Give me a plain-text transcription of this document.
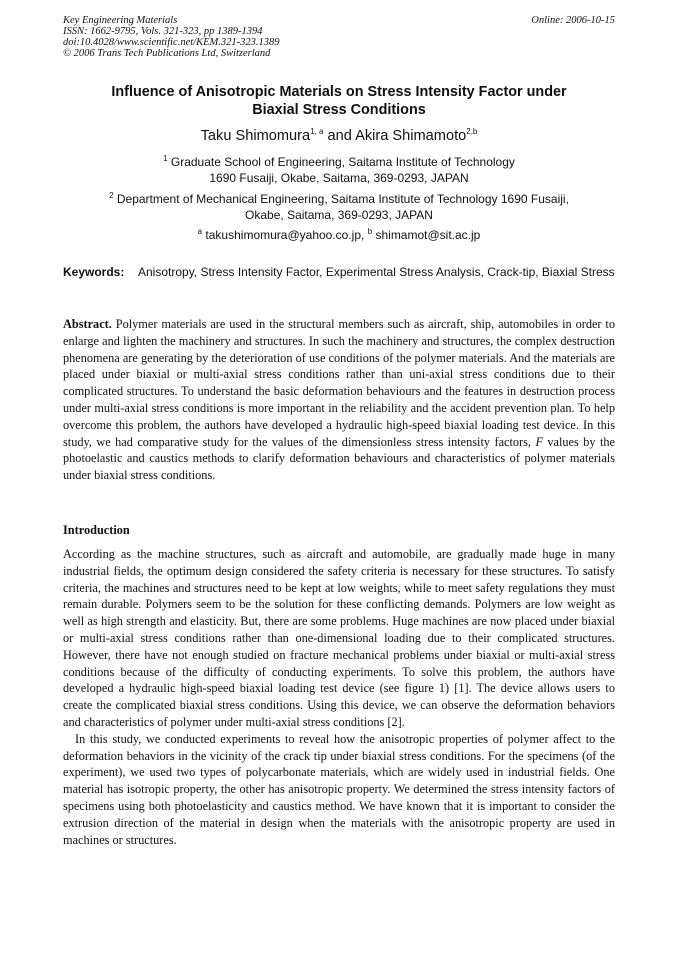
Key Engineering Materials
ISSN: 1662-9795, Vols. 321-323, pp 1389-1394
doi:10.4028/www.scientific.net/KEM.321-323.1389
© 2006 Trans Tech Publications Ltd, Switzerland
Online: 2006-10-15
Influence of Anisotropic Materials on Stress Intensity Factor under
Biaxial Stress Conditions
Taku Shimomura$^{1, a}$ and Akira Shimamoto$^{2,b}$
$^1$ Graduate School of Engineering, Saitama Institute of Technology
1690 Fusaiji, Okabe, Saitama, 369-0293, JAPAN
$^2$ Department of Mechanical Engineering, Saitama Institute of Technology 1690 Fusaiji,
Okabe, Saitama, 369-0293, JAPAN
$^a$ takushimomura@yahoo.co.jp, $^b$ shimamot@sit.ac.jp
Keywords: Anisotropy, Stress Intensity Factor, Experimental Stress Analysis, Crack-tip, Biaxial Stress

Abstract. Polymer materials are used in the structural members such as aircraft, ship, automobiles in order to enlarge and lighten the machinery and structures. In such the machinery and structures, the complex destruction phenomena are generating by the deterioration of use conditions of the polymer materials. And the materials are placed under biaxial or multi-axial stress conditions rather than uni-axial stress conditions due to their complicated structures. To understand the basic deformation behaviours and the features in destruction process under multi-axial stress conditions is more important in the reliability and the accident prevention plan. To help overcome this problem, the authors have developed a hydraulic high-speed biaxial loading test device. In this study, we had comparative study for the values of the dimensionless stress intensity factors, F values by the photoelastic and caustics methods to clarify deformation behaviours and characteristics of polymer materials under biaxial stress conditions.

Introduction

According as the machine structures, such as aircraft and automobile, are gradually made huge in many industrial fields, the optimum design considered the safety criteria is necessary for these structures. To satisfy criteria, the machines and structures need to be kept at low weights, while to meet safety regulations they must remain durable. Polymers seem to be the solution for these conflicting demands. Polymers are low weight as well as high strength and elasticity. But, there are some problems. Huge machines are now placed under biaxial or multi-axial stress conditions rather than one-dimensional loading due to their complicated structures. However, there have not enough studied on fracture mechanical problems under biaxial or multi-axial stress conditions because of the difficulty of conducting experiments. To solve this problem, the authors have developed a hydraulic high-speed biaxial loading test device (see figure 1) [1]. The device allows users to create the complicated biaxial stress conditions. Using this device, we can observe the deformation behaviors and characteristics of polymer under multi-axial stress conditions [2].

In this study, we conducted experiments to reveal how the anisotropic properties of polymer affect to the deformation behaviors in the vicinity of the crack tip under biaxial stress conditions. For the specimens (of the experiment), we used two types of polycarbonate materials, which are widely used in industrial fields. One material has isotropic property, the other has anisotropic property. We determined the stress intensity factors of specimens using both photoelasticity and caustics method. We have known that it is important to consider the extrusion direction of the material in design when the materials with the anisotropic property are used in machines or structures.
